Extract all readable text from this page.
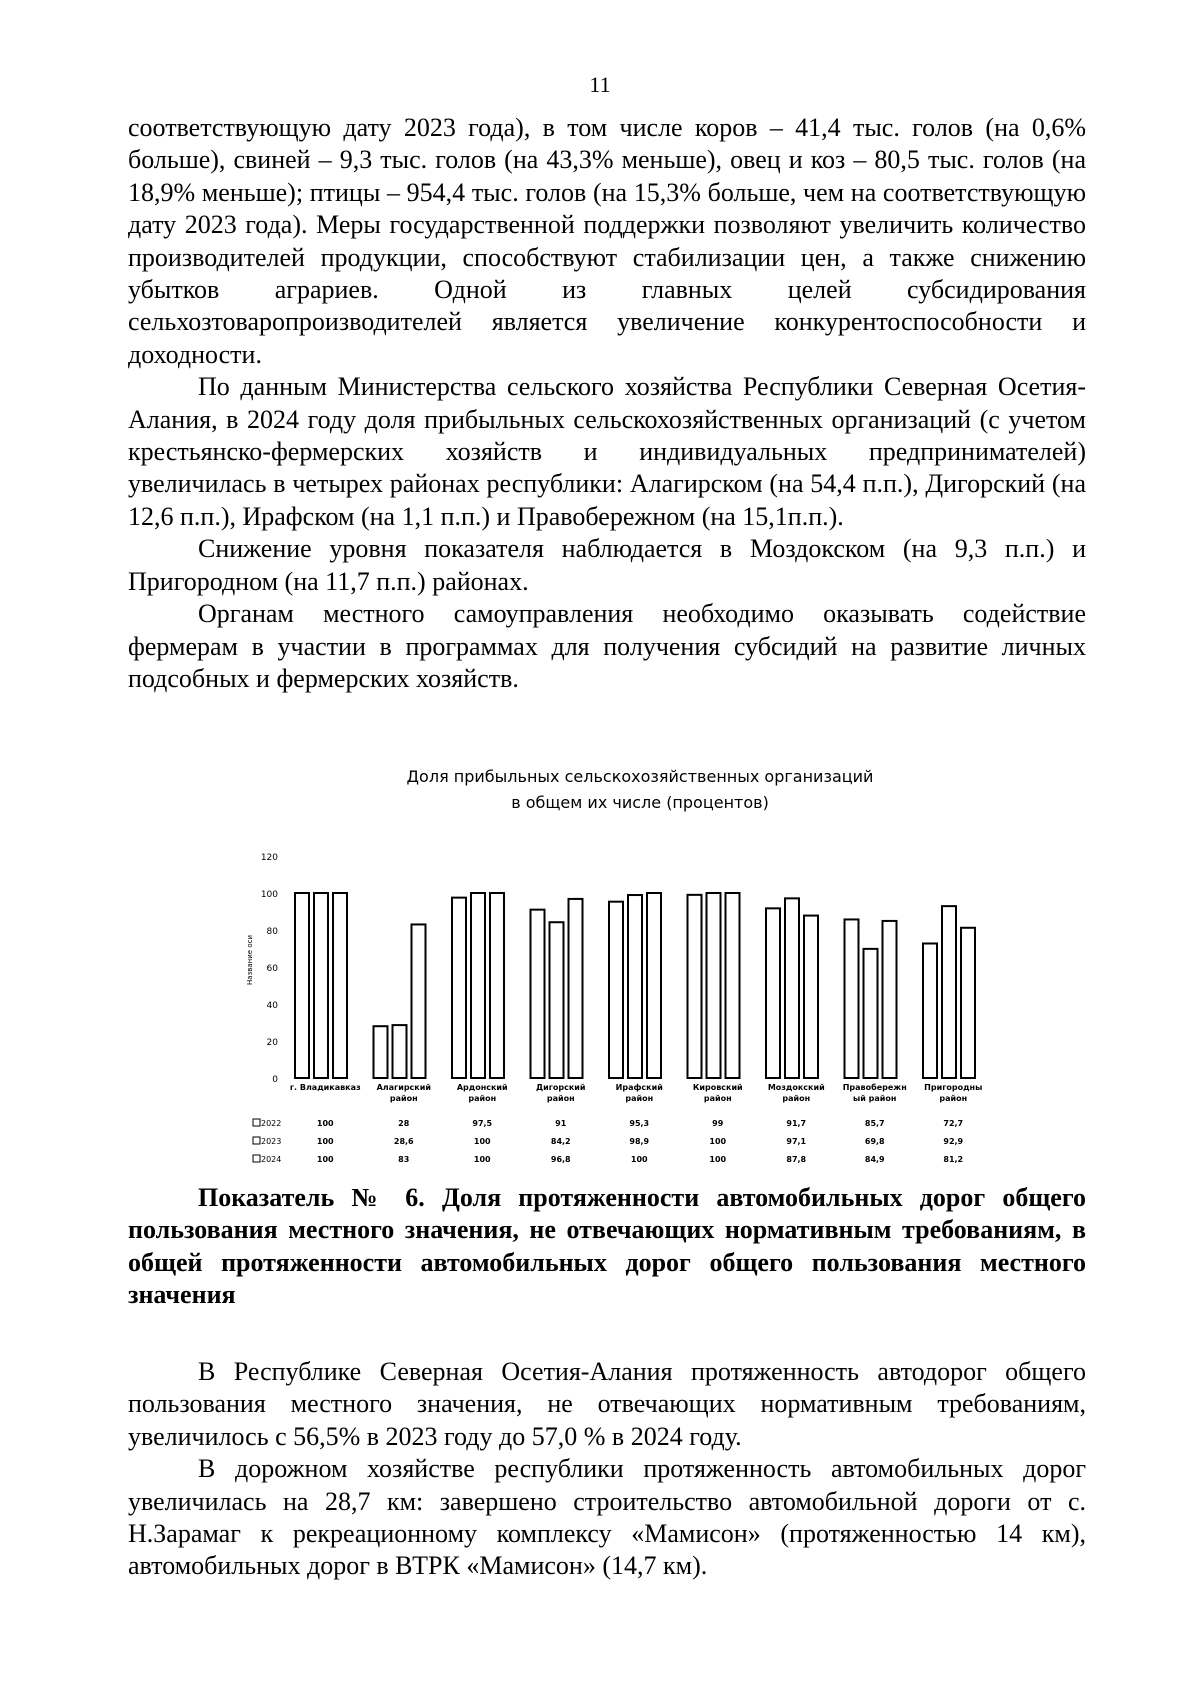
11

соответствующую дату 2023 года), в том числе коров – 41,4 тыс. голов (на 0,6% больше), свиней – 9,3 тыс. голов (на 43,3% меньше), овец и коз – 80,5 тыс. голов (на 18,9% меньше); птицы – 954,4 тыс. голов (на 15,3% больше, чем на соответствующую дату 2023 года). Меры государственной поддержки позволяют увеличить количество производителей продукции, способствуют стабилизации цен, а также снижению убытков аграриев. Одной из главных целей субсидирования сельхозтоваропроизводителей является увеличение конкурентоспособности и доходности.

По данным Министерства сельского хозяйства Республики Северная Осетия-Алания, в 2024 году доля прибыльных сельскохозяйственных организаций (с учетом крестьянско-фермерских хозяйств и индивидуальных предпринимателей) увеличилась в четырех районах республики: Алагирском (на 54,4 п.п.), Дигорский (на 12,6 п.п.), Ирафском (на 1,1 п.п.) и Правобережном (на 15,1п.п.).

Снижение уровня показателя наблюдается в Моздокском (на 9,3 п.п.) и Пригородном (на 11,7 п.п.) районах.

Органам местного самоуправления необходимо оказывать содействие фермерам в участии в программах для получения субсидий на развитие личных подсобных и фермерских хозяйств.

Доля прибыльных сельскохозяйственных организаций
в общем их числе (процентов)
0
20
40
60
80
100
120
Название оси
г. Владикавказ Алагирский
район
Ардонский
район
Дигорский
район
Ирафский
район
Кировский
район
Моздокский
район
Правобережн
ый район
Пригородны
район
2022	100	28	97,5	91	95,3	99	91,7	85,7	72,7
2023	100	28,6	100	84,2	98,9	100	97,1	69,8	92,9
2024	100	83	100	96,8	100	100	87,8	84,9	81,2
Показатель № 6. Доля протяженности автомобильных дорог общего пользования местного значения, не отвечающих нормативным требованиям, в общей протяженности автомобильных дорог общего пользования местного значения

В Республике Северная Осетия-Алания протяженность автодорог общего пользования местного значения, не отвечающих нормативным требованиям, увеличилось с 56,5% в 2023 году до 57,0 % в 2024 году.

В дорожном хозяйстве республики протяженность автомобильных дорог увеличилась на 28,7 км: завершено строительство автомобильной дороги от с. Н.Зарамаг к рекреационному комплексу «Мамисон» (протяженностью 14 км), автомобильных дорог в ВТРК «Мамисон» (14,7 км).
